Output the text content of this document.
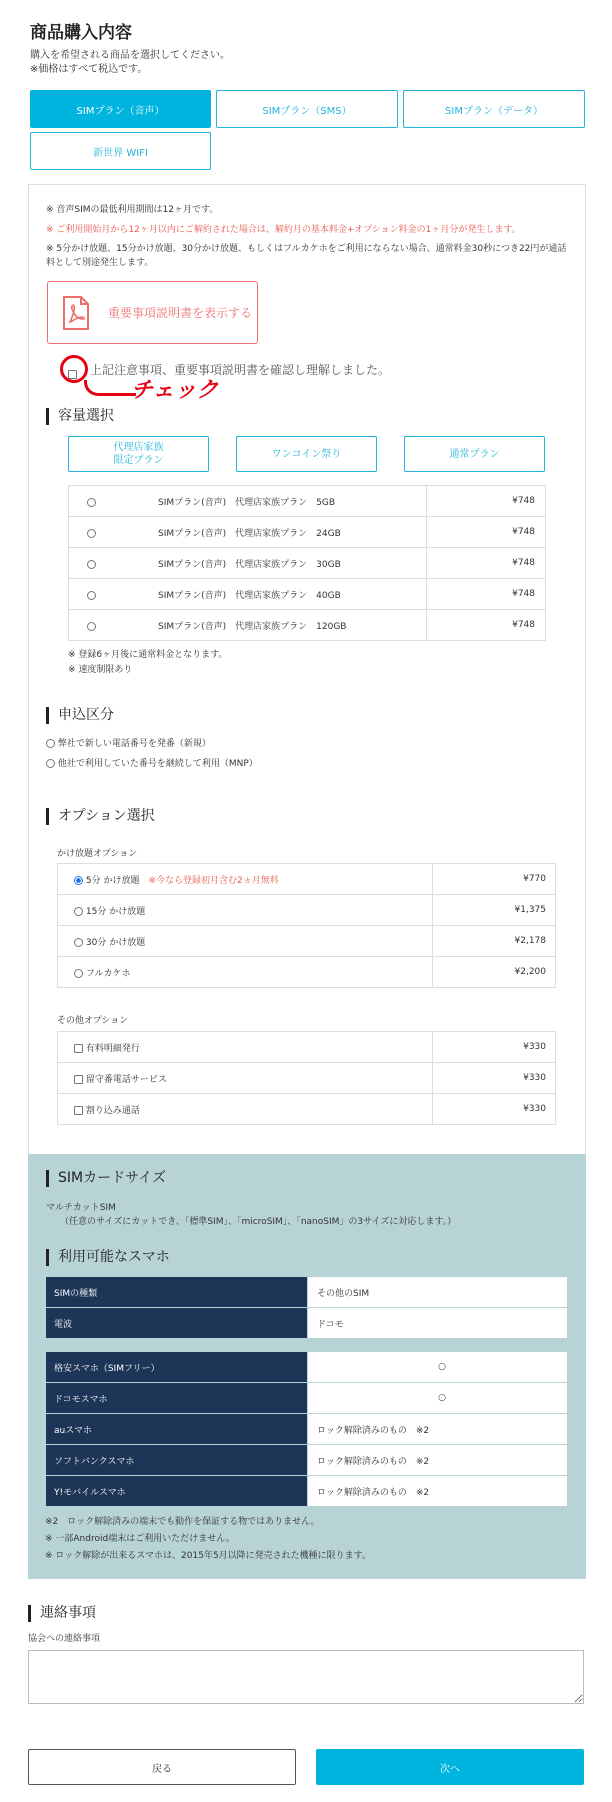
商品購入内容
購入を希望される商品を選択してください。
※価格はすべて税込です。
SIMプラン（音声）	SIMプラン（SMS）	SIMプラン（データ）
新世界 WIFI
※ 音声SIMの最低利用期間は12ヶ月です。
※ ご利用開始月から12ヶ月以内にご解約された場合は、解約月の基本料金+オプション料金の1ヶ月分が発生します。
※ 5分かけ放題、15分かけ放題、30分かけ放題、もしくはフルカケホをご利用にならない場合、通常料金30秒につき22円が通話料として別途発生します。
重要事項説明書を表示する
上記注意事項、重要事項説明書を確認し理解しました。
チェック
容量選択
代理店家族
限定プラン
ワンコイン祭り	通常プラン
SIMプラン(音声)　代理店家族プラン　5GB	¥748
SIMプラン(音声)　代理店家族プラン　24GB	¥748
SIMプラン(音声)　代理店家族プラン　30GB	¥748
SIMプラン(音声)　代理店家族プラン　40GB	¥748
SIMプラン(音声)　代理店家族プラン　120GB	¥748
※ 登録6ヶ月後に通常料金となります。
※ 速度制限あり
申込区分
弊社で新しい電話番号を発番（新規）
他社で利用していた番号を継続して利用（MNP）
オプション選択
かけ放題オプション
5分 かけ放題　 ※今なら登録初月含む2ヵ月無料	¥770
15分 かけ放題	¥1,375
30分 かけ放題	¥2,178
フルカケホ	¥2,200
その他オプション
有料明細発行	¥330
留守番電話サービス	¥330
割り込み通話	¥330
SIMカードサイズ
マルチカットSIM
（任意のサイズにカットでき、「標準SIM」、「microSIM」、「nanoSIM」の3サイズに対応します。）
利用可能なスマホ
SIMの種類	その他のSIM
電波	ドコモ
格安スマホ（SIMフリー）	○
ドコモスマホ	○
auスマホ	ロック解除済みのもの　※2
ソフトバンクスマホ	ロック解除済みのもの　※2
Y!モバイルスマホ	ロック解除済みのもの　※2
※2　ロック解除済みの端末でも動作を保証する物ではありません。
※ 一部Android端末はご利用いただけません。
※ ロック解除が出来るスマホは、2015年5月以降に発売された機種に限ります。
連絡事項
協会への連絡事項
戻る	次へ
